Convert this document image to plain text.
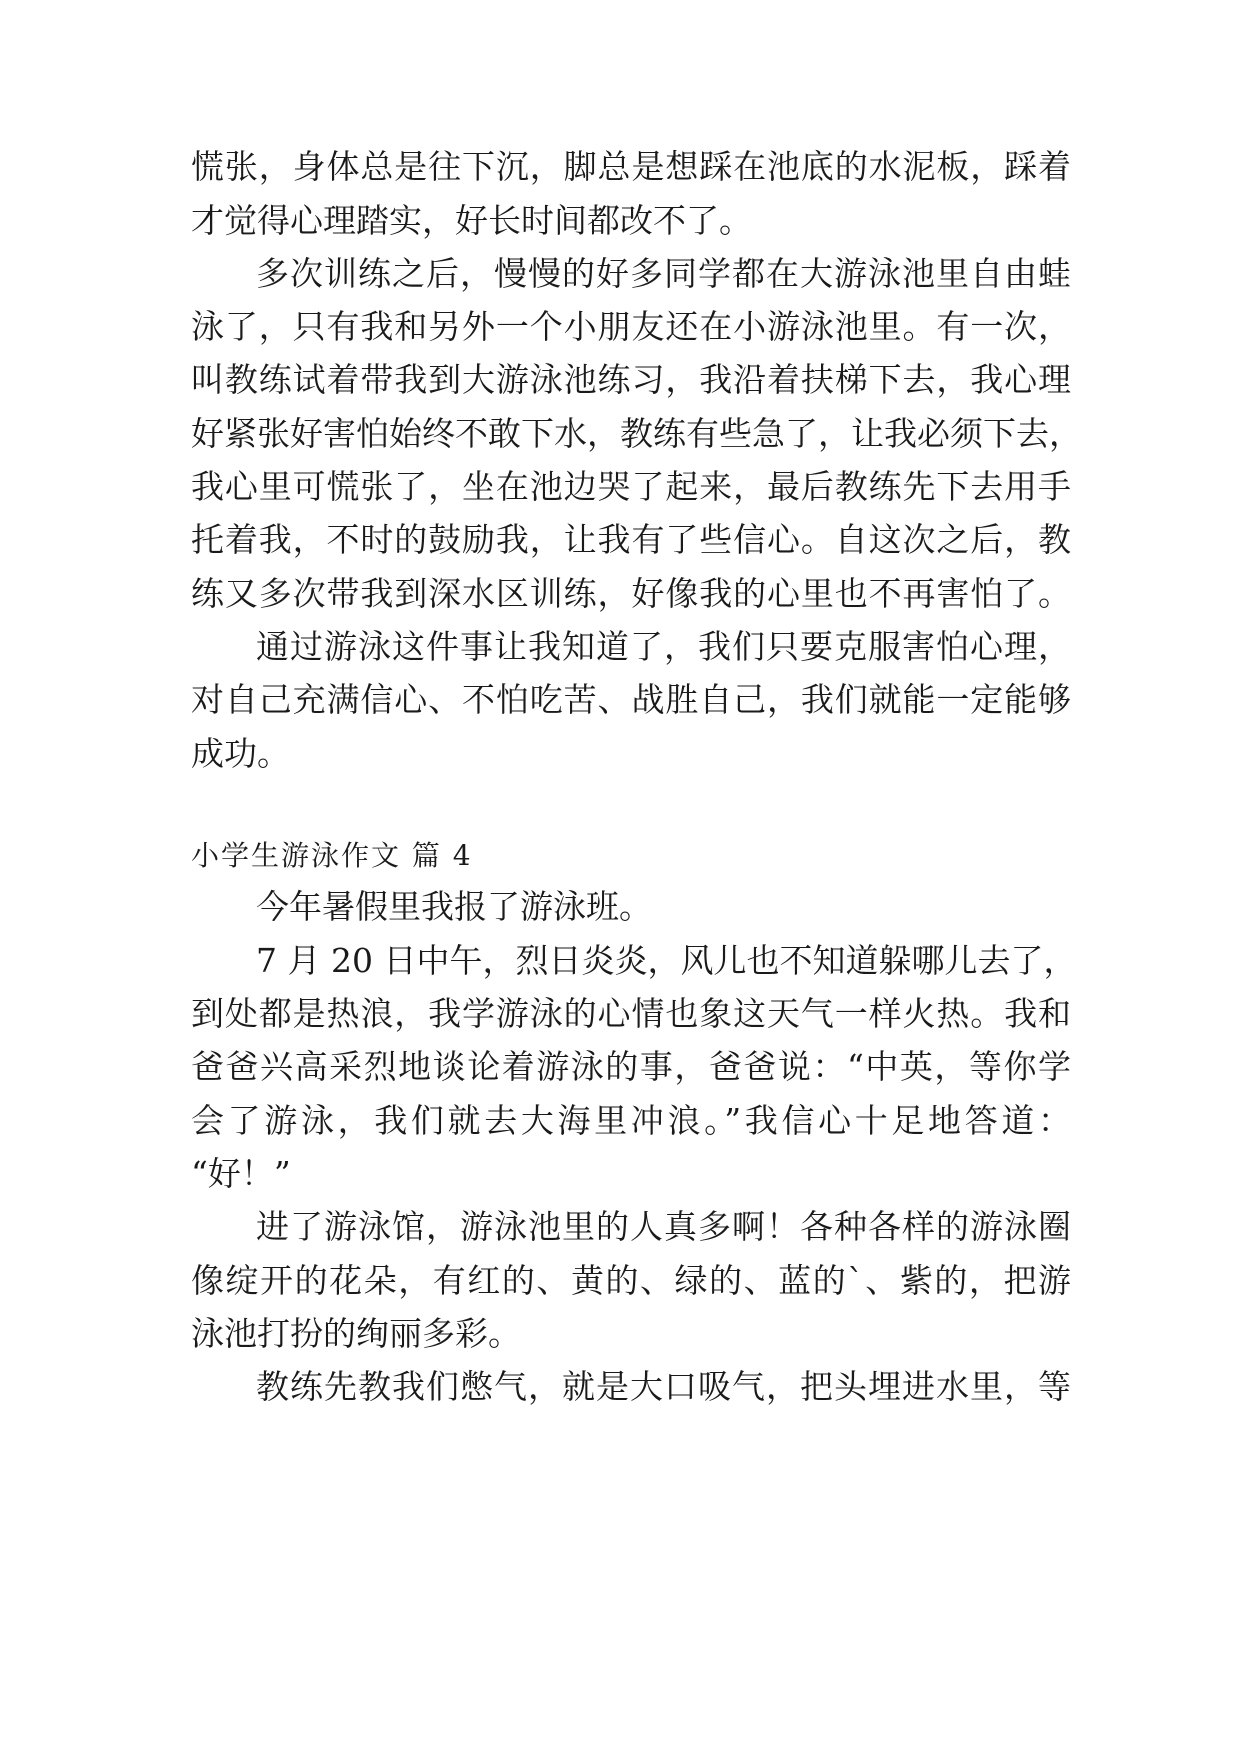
慌张，身体总是往下沉，脚总是想踩在池底的水泥板，踩着
才觉得心理踏实，好长时间都改不了。
多次训练之后，慢慢的好多同学都在大游泳池里自由蛙
泳了，只有我和另外一个小朋友还在小游泳池里。有一次，
叫教练试着带我到大游泳池练习，我沿着扶梯下去，我心理
好紧张好害怕始终不敢下水，教练有些急了，让我必须下去，
我心里可慌张了，坐在池边哭了起来，最后教练先下去用手
托着我，不时的鼓励我，让我有了些信心。自这次之后，教
练又多次带我到深水区训练，好像我的心里也不再害怕了。
通过游泳这件事让我知道了，我们只要克服害怕心理，
对自己充满信心、不怕吃苦、战胜自己，我们就能一定能够
成功。
小学生游泳作文 篇 4
今年暑假里我报了游泳班。
7 月 20 日中午，烈日炎炎，风儿也不知道躲哪儿去了，
到处都是热浪，我学游泳的心情也象这天气一样火热。我和
爸爸兴高采烈地谈论着游泳的事，爸爸说：“中英，等你学
会了游泳，我们就去大海里冲浪。”我信心十足地答道：
“好！”
进了游泳馆，游泳池里的人真多啊！各种各样的游泳圈
像绽开的花朵，有红的、黄的、绿的、蓝的`、紫的，把游
泳池打扮的绚丽多彩。
教练先教我们憋气，就是大口吸气，把头埋进水里，等
